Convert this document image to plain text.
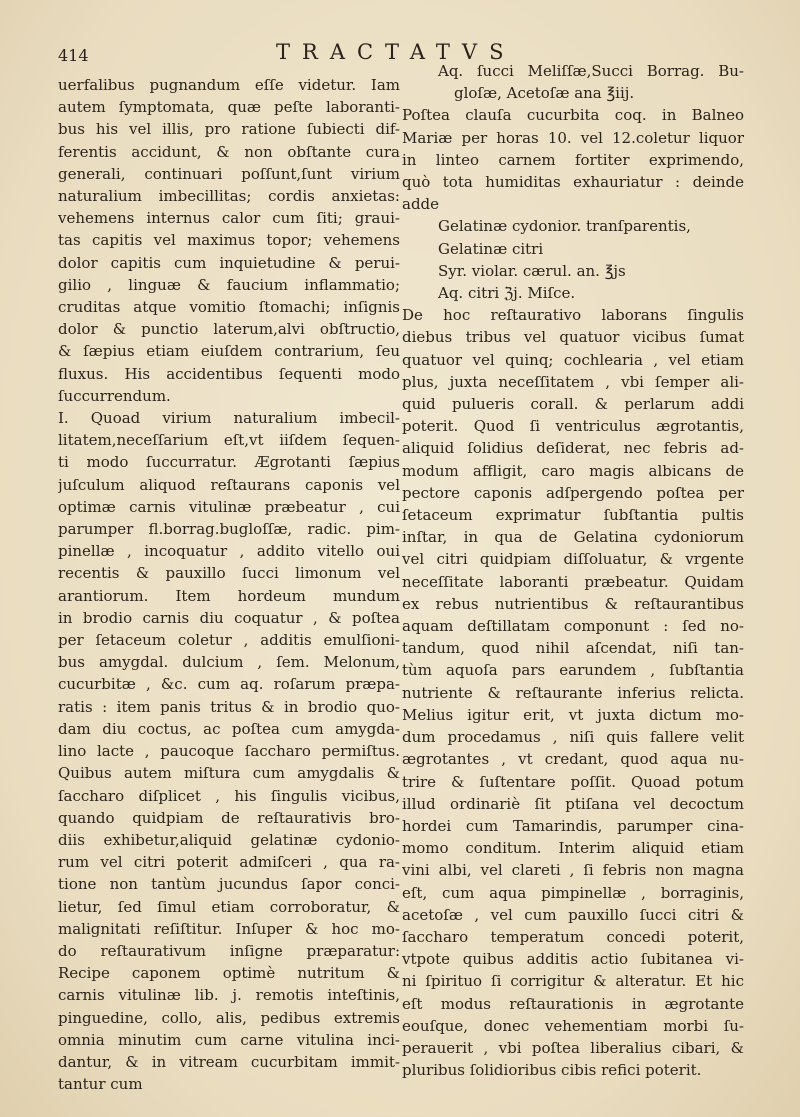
414	TRACTATVS
uerfalibus pugnandum eſſe videtur. Iam
autem ſymptomata, quæ peſte laboranti-
bus his vel illis, pro ratione ſubiecti dif-
ferentis accidunt, & non obſtante cura
generali, continuari poſſunt,ſunt virium
naturalium imbecillitas; cordis anxietas:
vehemens internus calor cum ſiti; graui-
tas capitis vel maximus topor; vehemens
dolor capitis cum inquietudine & perui-
gilio , linguæ & faucium inflammatio;
cruditas atque vomitio ſtomachi; inſignis
dolor & punctio laterum,alvi obſtructio,
& ſæpius etiam eiuſdem contrarium, ſeu
fluxus. His accidentibus ſequenti modo
ſuccurrendum.
I. Quoad virium naturalium imbecil-
litatem,neceſſarium eſt,vt iiſdem ſequen-
ti modo ſuccurratur. Ægrotanti ſæpius
juſculum aliquod reſtaurans caponis vel
optimæ carnis vitulinæ præbeatur , cui
parumper fl.borrag.bugloſſæ, radic. pim-
pinellæ , incoquatur , addito vitello oui
recentis & pauxillo ſucci limonum vel
arantiorum. Item hordeum mundum
in brodio carnis diu coquatur , & poſtea
per ſetaceum coletur , additis emulſioni-
bus amygdal. dulcium , ſem. Melonum,
cucurbitæ , &c. cum aq. roſarum præpa-
ratis : item panis tritus & in brodio quo-
dam diu coctus, ac poſtea cum amygda-
lino lacte , paucoque ſaccharo permiſtus.
Quibus autem miſtura cum amygdalis &
ſaccharo diſplicet , his ſingulis vicibus,
quando quidpiam de reſtaurativis bro-
diis exhibetur,aliquid gelatinæ cydonio-
rum vel citri poterit admiſceri , qua ra-
tione non tantùm jucundus ſapor conci-
lietur, ſed ſimul etiam corroboratur, &
malignitati reſiſtitur. Inſuper & hoc mo-
do reſtaurativum inſigne præparatur:
Recipe caponem optimè nutritum &
carnis vitulinæ lib. j. remotis inteſtinis,
pinguedine, collo, alis, pedibus extremis
omnia minutim cum carne vitulina inci-
dantur, & in vitream cucurbitam immit-
tantur cum
Aq. ſucci Meliſſæ,Succi Borrag. Bu-
gloſæ, Acetoſæ ana ℥iij.
Poſtea clauſa cucurbita coq. in Balneo
Mariæ per horas 10. vel 12.coletur liquor
in linteo carnem fortiter exprimendo,
quò tota humiditas exhauriatur : deinde
adde
Gelatinæ cydonior. tranſparentis,
Gelatinæ citri
Syr. violar. cærul. an. ℥js
Aq. citri ℨj. Miſce.
De hoc reſtaurativo laborans ſingulis
diebus tribus vel quatuor vicibus ſumat
quatuor vel quinq; cochlearia , vel etiam
plus, juxta neceſſitatem , vbi ſemper ali-
quid pulueris corall. & perlarum addi
poterit. Quod ſi ventriculus ægrotantis,
aliquid ſolidius deſiderat, nec febris ad-
modum affligit, caro magis albicans de
pectore caponis adſpergendo poſtea per
ſetaceum exprimatur ſubſtantia pultis
inſtar, in qua de Gelatina cydoniorum
vel citri quidpiam diſſoluatur, & vrgente
neceſſitate laboranti præbeatur. Quidam
ex rebus nutrientibus & reſtaurantibus
aquam deſtillatam componunt : ſed no-
tandum, quod nihil aſcendat, niſi tan-
tùm aquoſa pars earundem , ſubſtantia
nutriente & reſtaurante inferius relicta.
Melius igitur erit, vt juxta dictum mo-
dum procedamus , niſi quis fallere velit
ægrotantes , vt credant, quod aqua nu-
trire & ſuſtentare poſſit. Quoad potum
illud ordinariè ſit ptiſana vel decoctum
hordei cum Tamarindis, parumper cina-
momo conditum. Interim aliquid etiam
vini albi, vel clareti , ſi febris non magna
eſt, cum aqua pimpinellæ , borraginis,
acetoſæ , vel cum pauxillo ſucci citri &
ſaccharo temperatum concedi poterit,
vtpote quibus additis actio ſubitanea vi-
ni ſpirituo ſi corrigitur & alteratur. Et hic
eſt modus reſtaurationis in ægrotante
eouſque, donec vehementiam morbi ſu-
perauerit , vbi poſtea liberalius cibari, &
pluribus ſolidioribus cibis refici poterit.
